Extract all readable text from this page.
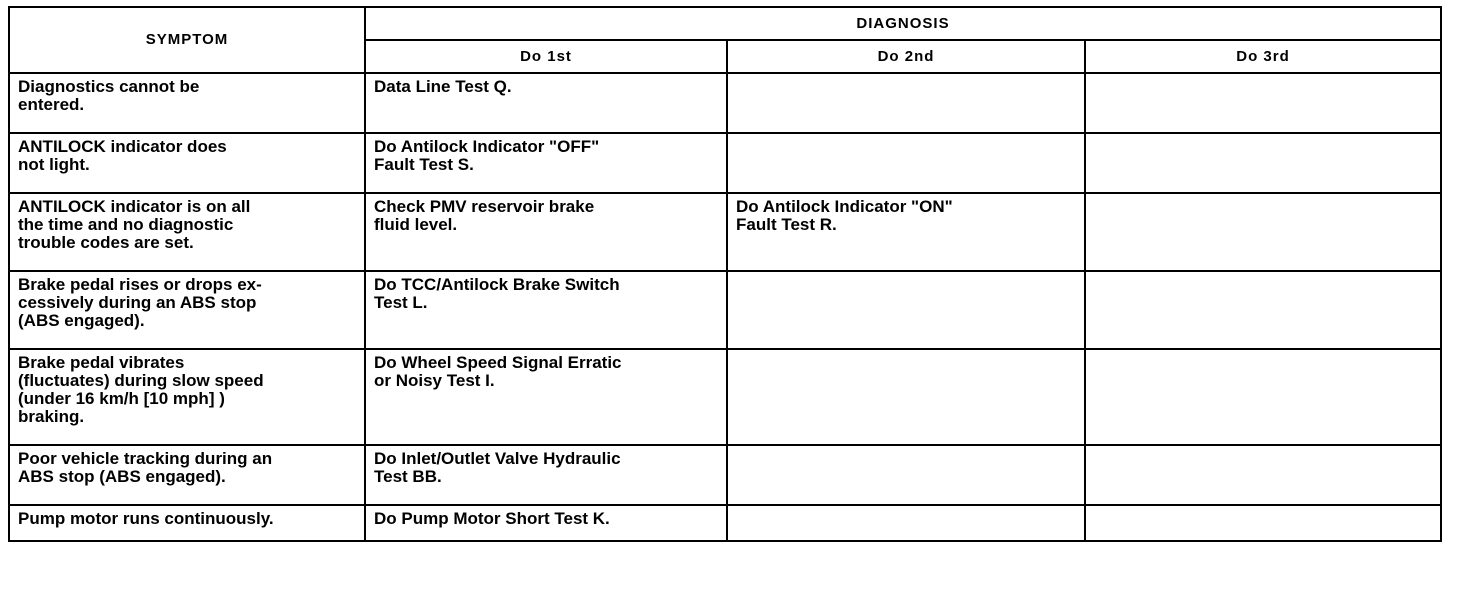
SYMPTOM	DIAGNOSIS		
	Do 1st	Do 2nd	Do 3rd

Diagnostics cannot be
entered.	Data Line Test Q.		

ANTILOCK indicator does
not light.	Do Antilock Indicator "OFF"
Fault Test S.		

ANTILOCK indicator is on all
the time and no diagnostic
trouble codes are set.	Check PMV reservoir brake
fluid level.	Do Antilock Indicator "ON"
Fault Test R.	

Brake pedal rises or drops ex-
cessively during an ABS stop
(ABS engaged).	Do TCC/Antilock Brake Switch
Test L.		

Brake pedal vibrates
(fluctuates) during slow speed
(under 16 km/h [10 mph] )
braking.	Do Wheel Speed Signal Erratic
or Noisy Test I.		

Poor vehicle tracking during an
ABS stop (ABS engaged).	Do Inlet/Outlet Valve Hydraulic
Test BB.		

Pump motor runs continuously.	Do Pump Motor Short Test K.		
